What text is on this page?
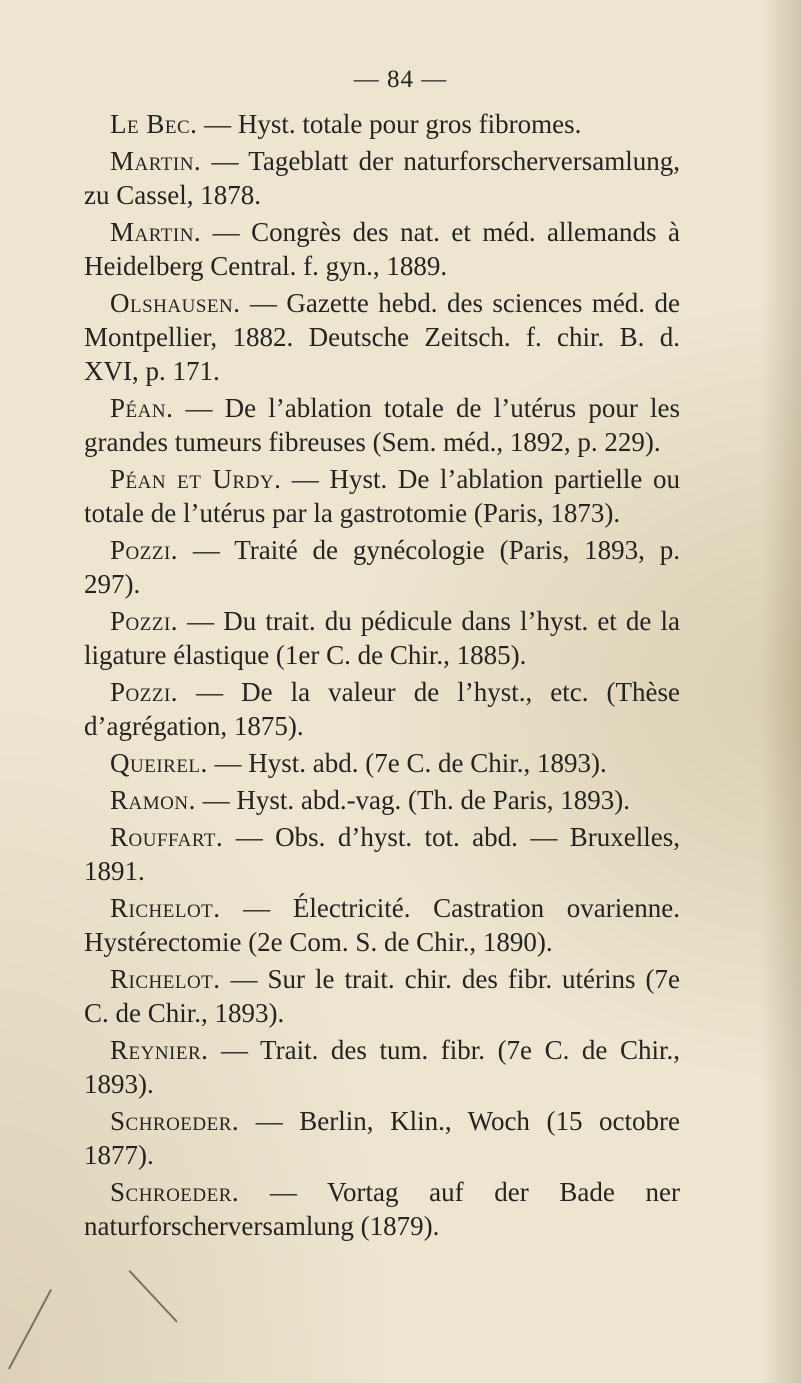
— 84 —

Le Bec. — Hyst. totale pour gros fibromes.

Martin. — Tageblatt der naturforscherversamlung, zu Cassel, 1878.

Martin. — Congrès des nat. et méd. allemands à Heidelberg Central. f. gyn., 1889.

Olshausen. — Gazette hebd. des sciences méd. de Montpellier, 1882. Deutsche Zeitsch. f. chir. B. d. XVI, p. 171.

Péan. — De l’ablation totale de l’utérus pour les grandes tumeurs fibreuses (Sem. méd., 1892, p. 229).

Péan et Urdy. — Hyst. De l’ablation partielle ou totale de l’utérus par la gastrotomie (Paris, 1873).

Pozzi. — Traité de gynécologie (Paris, 1893, p. 297).

Pozzi. — Du trait. du pédicule dans l’hyst. et de la ligature élastique (1er C. de Chir., 1885).

Pozzi. — De la valeur de l’hyst., etc. (Thèse d’agrégation, 1875).

Queirel. — Hyst. abd. (7e C. de Chir., 1893).

Ramon. — Hyst. abd.-vag. (Th. de Paris, 1893).

Rouffart. — Obs. d’hyst. tot. abd. — Bruxelles, 1891.

Richelot. — Électricité. Castration ovarienne. Hystérectomie (2e Com. S. de Chir., 1890).

Richelot. — Sur le trait. chir. des fibr. utérins (7e C. de Chir., 1893).

Reynier. — Trait. des tum. fibr. (7e C. de Chir., 1893).

Schroeder. — Berlin, Klin., Woch (15 octobre 1877).

Schroeder. — Vortag auf der Bade ner naturforscherversamlung (1879).
